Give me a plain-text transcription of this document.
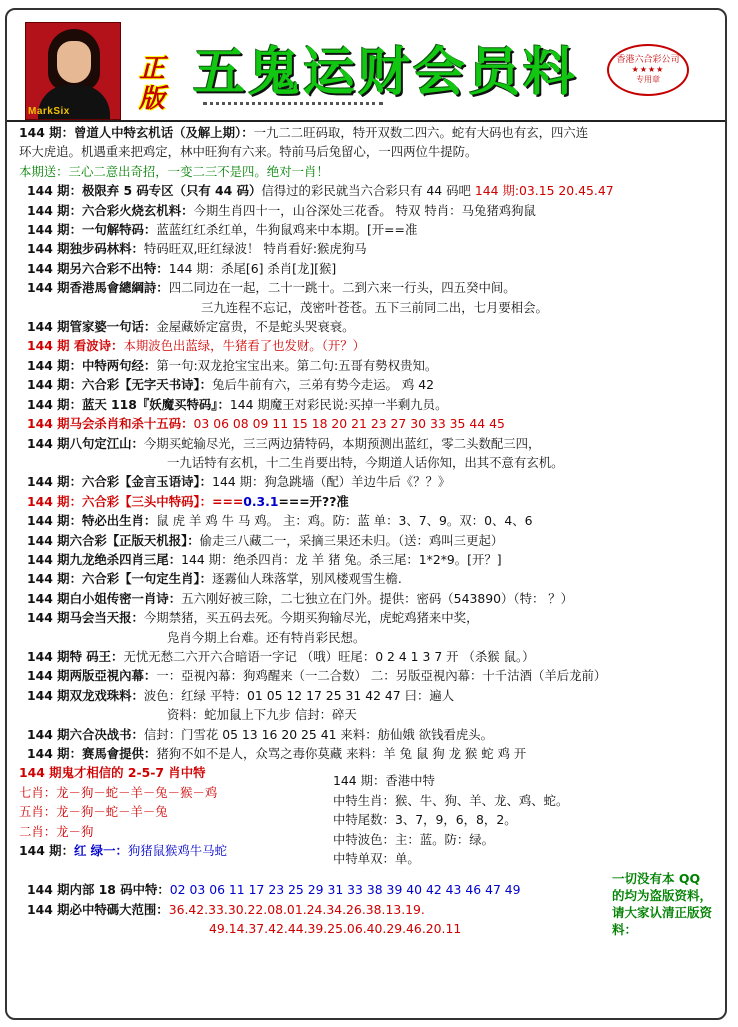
MarkSix
正版 五鬼运财会员料	香港六合彩公司
★★★★
专用章
144 期：曾道人中特玄机话（及解上期）：一九二二旺码取，特开双数二四六。蛇有大码也有玄，四六连
环大虎追。机遇重来把鸡定，林中旺狗有六来。特前马后兔留心，一四两位牛提防。
本期送：三心二意出奇招，一变二三不是四。绝对一肖！
144 期：极限弃 5 码专区（只有 44 码）信得过的彩民就当六合彩只有 44 码吧 144 期:03.15 20.45.47
144 期：六合彩火烧玄机料：今期生肖四十一，山谷深处三花香。 特双 特肖：马兔猪鸡狗鼠
144 期：一句解特码：蓝蓝红红杀红单，牛狗鼠鸡来中本期。[开==准
144 期独步码林料：特码旺双,旺红绿波！ 特肖看好:猴虎狗马
144 期另六合彩不出特：144 期：杀尾[6] 杀肖[龙][猴]
144 期香港馬會總綱詩：四二同边在一起，二十一跳十。二到六来一行头，四五癸中间。
三九连程不忘记，茂密叶苍苍。五下三前同二出，七月要相会。
144 期管家婆一句话：金屋藏娇定富贵，不是蛇头哭衰衰。
144 期 看波诗：本期波色出蓝绿，牛猪看了也发财。（开？）
144 期：中特两句经：第一句:双龙抢宝宝出来。第二句:五哥有勢权贵知。
144 期：六合彩【无字天书诗】：兔后牛前有六，三弟有势今走运。 鸡 42
144 期：蓝天 118『妖魔买特码』：144 期魔王对彩民说:买掉一半剩九员。
144 期马会杀肖和杀十五码：03 06 08 09 11 15 18 20 21 23 27 30 33 35 44 45
144 期八句定江山：今期买蛇输尽光，三三两边猜特码，本期预测出蓝红，零二头数配三四，
一九话特有玄机，十二生肖要出特，今期道人话你知，出其不意有玄机。
144 期：六合彩【金言玉语诗】：144 期：狗急跳墙（配）羊边牛后《？？》
144 期：六合彩【三头中特码】：===0.3.1===开??准
144 期：特必出生肖：鼠 虎 羊 鸡 牛 马 鸡。 主：鸡。防：蓝 单：3、7、9。双：0、4、6
144 期六合彩【正版天机报】：偷走三八藏二一，采摘三果还未归。（送：鸡叫三更起）
144 期九龙绝杀四肖三尾：144 期：绝杀四肖：龙 羊 猪 兔。杀三尾：1*2*9。[开？]
144 期：六合彩【一句定生肖】：逐霧仙人珠落掌，别风楼观雪生檐.
144 期白小姐传密一肖诗：五六刚好被三除，二七独立在门外。提供：密码（543890）（特： ？）
144 期马会当天报：今期禁猪，买五码去死。今期买狗输尽光，虎蛇鸡猪来中奖，
凫肖今期上台难。还有特肖彩民想。
144 期特 码王：无忧无愁二六开六合暗语一字记 （哦）旺尾：0 2 4 1 3 7 开 （杀猴 鼠。）
144 期两版亞視內幕：一：亞視內幕：狗鸡醒来（一二合数） 二：另版亞視內幕：十千沽酒（羊后龙前）
144 期双龙戏珠料：波色：红绿 平特：01 05 12 17 25 31 42 47 曰：遍人
资料：蛇加鼠上下九步 信封：碎天
144 期六合决战书：信封：门雪花 05 13 16 20 25 41 来料：舫仙娥 欲钱看虎头。
144 期：赛馬會提供：猪狗不如不是人，众骂之毒你莫藏 来料：羊 兔 鼠 狗 龙 猴 蛇 鸡 开
144 期鬼才相信的 2-5-7 肖中特
七肖：龙－狗－蛇－羊－兔－猴－鸡
五肖：龙－狗－蛇－羊－兔
二肖：龙－狗
144 期：红 绿一：狗猪鼠猴鸡牛马蛇
144 期：香港中特
中特生肖：猴、牛、狗、羊、龙、鸡、蛇。
中特尾数：3、7，9，6，8，2。
中特波色：主：蓝。防：绿。
中特单双：单。
144 期内部 18 码中特：02 03 06 11 17 23 25 29 31 33 38 39 40 42 43 46 47 49
144 期必中特碼大范围：36.42.33.30.22.08.01.24.34.26.38.13.19.
49.14.37.42.44.39.25.06.40.29.46.20.11
一切没有本 QQ 的均为盗版资料，请大家认清正版资料：
